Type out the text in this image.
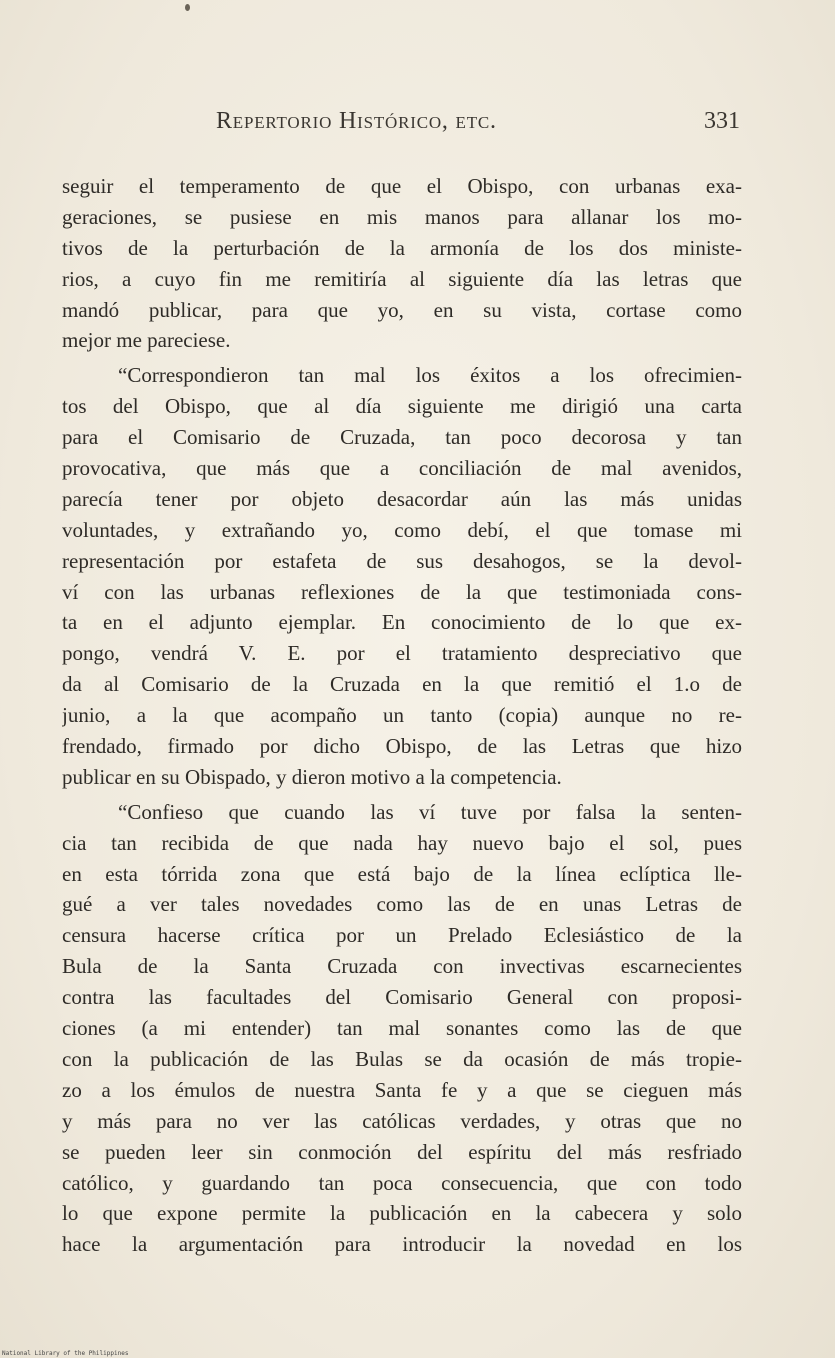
Repertorio Histórico, etc.	331

seguir el temperamento de que el Obispo, con urbanas exa-
geraciones, se pusiese en mis manos para allanar los mo-
tivos de la perturbación de la armonía de los dos ministe-
rios, a cuyo fin me remitiría al siguiente día las letras que
mandó publicar, para que yo, en su vista, cortase como
mejor me pareciese.

“Correspondieron tan mal los éxitos a los ofrecimien-
tos del Obispo, que al día siguiente me dirigió una carta
para el Comisario de Cruzada, tan poco decorosa y tan
provocativa, que más que a conciliación de mal avenidos,
parecía tener por objeto desacordar aún las más unidas
voluntades, y extrañando yo, como debí, el que tomase mi
representación por estafeta de sus desahogos, se la devol-
ví con las urbanas reflexiones de la que testimoniada cons-
ta en el adjunto ejemplar. En conocimiento de lo que ex-
pongo, vendrá V. E. por el tratamiento despreciativo que
da al Comisario de la Cruzada en la que remitió el 1.o de
junio, a la que acompaño un tanto (copia) aunque no re-
frendado, firmado por dicho Obispo, de las Letras que hizo
publicar en su Obispado, y dieron motivo a la competencia.

“Confieso que cuando las ví tuve por falsa la senten-
cia tan recibida de que nada hay nuevo bajo el sol, pues
en esta tórrida zona que está bajo de la línea eclíptica lle-
gué a ver tales novedades como las de en unas Letras de
censura hacerse crítica por un Prelado Eclesiástico de la
Bula de la Santa Cruzada con invectivas escarnecientes
contra las facultades del Comisario General con proposi-
ciones (a mi entender) tan mal sonantes como las de que
con la publicación de las Bulas se da ocasión de más tropie-
zo a los émulos de nuestra Santa fe y a que se cieguen más
y más para no ver las católicas verdades, y otras que no
se pueden leer sin conmoción del espíritu del más resfriado
católico, y guardando tan poca consecuencia, que con todo
lo que expone permite la publicación en la cabecera y solo
hace la argumentación para introducir la novedad en los

National Library of the Philippines
